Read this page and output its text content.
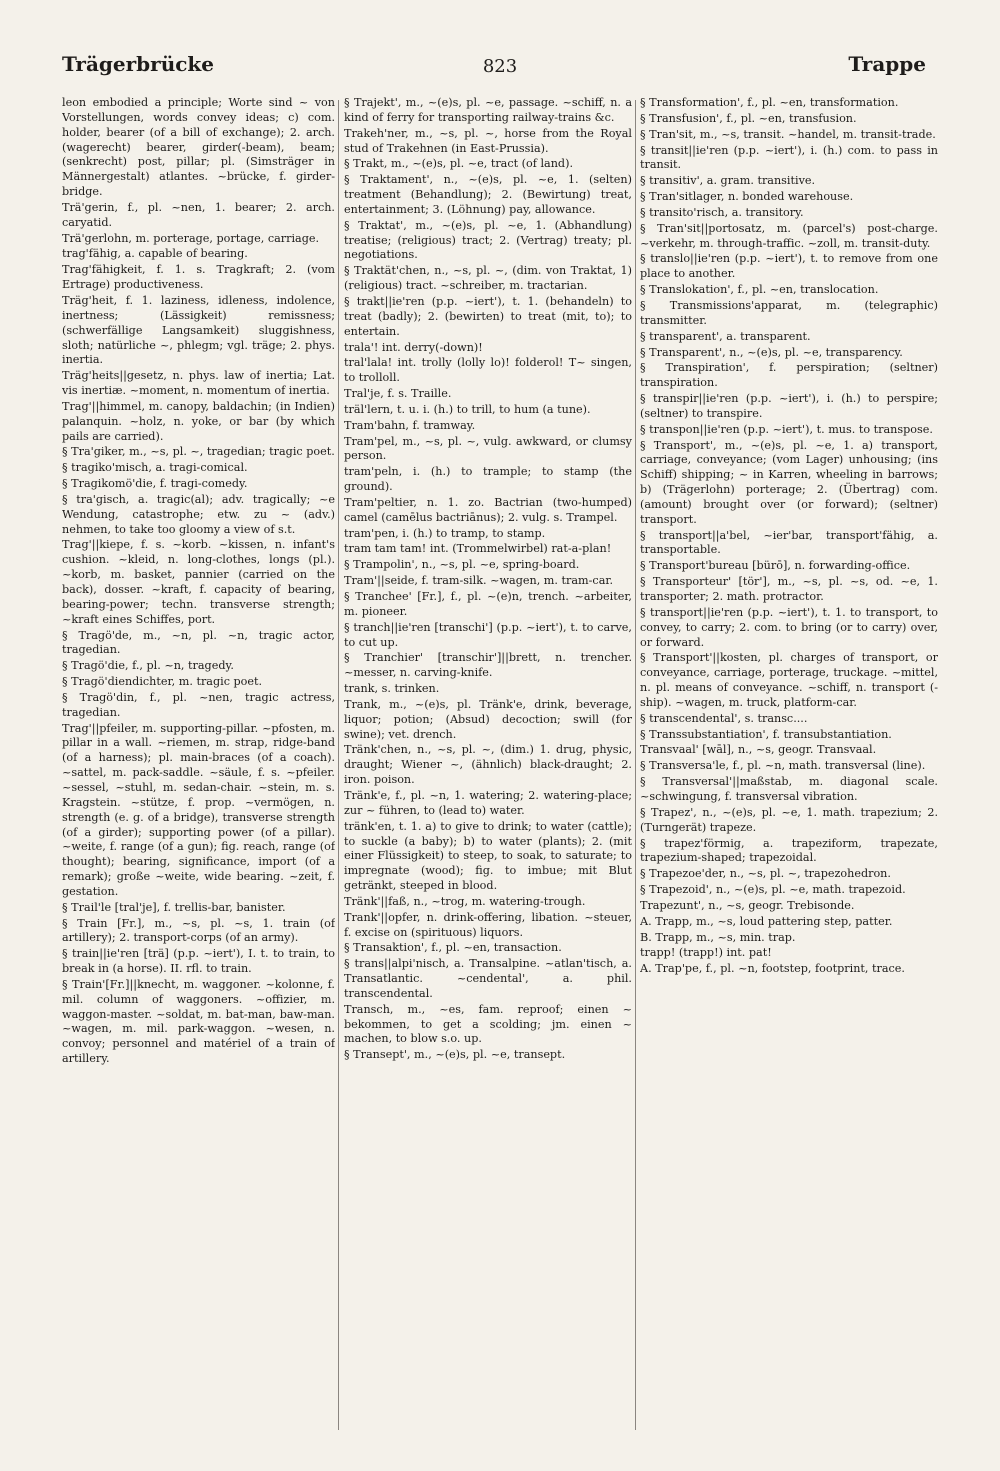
Trägerbrücke	823	Trappe

leon embodied a principle; Worte sind ~ von Vorstellungen, words convey ideas; c) com. holder, bearer (of a bill of exchange); 2. arch. (wagerecht) bearer, girder(-beam), beam; (senkrecht) post, pillar; pl. (Simsträger in Männergestalt) atlantes. ~brücke, f. girder-bridge.

Trä'gerin, f., pl. ~nen, 1. bearer; 2. arch. caryatid.

Trä'gerlohn, m. porterage, portage, carriage.

trag'fähig, a. capable of bearing.

Trag'fähigkeit, f. 1. s. Tragkraft; 2. (vom Ertrage) productiveness.

Träg'heit, f. 1. laziness, idleness, indolence, inertness; (Lässigkeit) remissness; (schwerfällige Langsamkeit) sluggishness, sloth; natürliche ~, phlegm; vgl. träge; 2. phys. inertia.

Träg'heits||gesetz, n. phys. law of inertia; Lat. vis inertiæ. ~moment, n. momentum of inertia.

Trag'||himmel, m. canopy, baldachin; (in Indien) palanquin. ~holz, n. yoke, or bar (by which pails are carried).

§ Tra'giker, m., ~s, pl. ~, tragedian; tragic poet.

§ tragiko'misch, a. tragi-comical.

§ Tragikomö'die, f. tragi-comedy.

§ tra'gisch, a. tragic(al); adv. tragically; ~e Wendung, catastrophe; etw. zu ~ (adv.) nehmen, to take too gloomy a view of s.t.

Trag'||kiepe, f. s. ~korb. ~kissen, n. infant's cushion. ~kleid, n. long-clothes, longs (pl.). ~korb, m. basket, pannier (carried on the back), dosser. ~kraft, f. capacity of bearing, bearing-power; techn. transverse strength; ~kraft eines Schiffes, port.

§ Tragö'de, m., ~n, pl. ~n, tragic actor, tragedian.

§ Tragö'die, f., pl. ~n, tragedy.

§ Tragö'diendichter, m. tragic poet.

§ Tragö'din, f., pl. ~nen, tragic actress, tragedian.

Trag'||pfeiler, m. supporting-pillar. ~pfosten, m. pillar in a wall. ~riemen, m. strap, ridge-band (of a harness); pl. main-braces (of a coach). ~sattel, m. pack-saddle. ~säule, f. s. ~pfeiler. ~sessel, ~stuhl, m. sedan-chair. ~stein, m. s. Kragstein. ~stütze, f. prop. ~vermögen, n. strength (e. g. of a bridge), transverse strength (of a girder); supporting power (of a pillar). ~weite, f. range (of a gun); fig. reach, range (of thought); bearing, significance, import (of a remark); große ~weite, wide bearing. ~zeit, f. gestation.

§ Trail'le [tral'je], f. trellis-bar, banister.

§ Train [Fr.], m., ~s, pl. ~s, 1. train (of artillery); 2. transport-corps (of an army).

§ train||ie'ren [trä] (p.p. ~iert'), I. t. to train, to break in (a horse). II. rfl. to train.

§ Train'[Fr.]||knecht, m. waggoner. ~kolonne, f. mil. column of waggoners. ~offizier, m. waggon-master. ~soldat, m. bat-man, baw-man. ~wagen, m. mil. park-waggon. ~wesen, n. convoy; personnel and matériel of a train of artillery.

§ Trajekt', m., ~(e)s, pl. ~e, passage. ~schiff, n. a kind of ferry for transporting railway-trains &c.

Trakeh'ner, m., ~s, pl. ~, horse from the Royal stud of Trakehnen (in East-Prussia).

§ Trakt, m., ~(e)s, pl. ~e, tract (of land).

§ Traktament', n., ~(e)s, pl. ~e, 1. (selten) treatment (Behandlung); 2. (Bewirtung) treat, entertainment; 3. (Löhnung) pay, allowance.

§ Traktat', m., ~(e)s, pl. ~e, 1. (Abhandlung) treatise; (religious) tract; 2. (Vertrag) treaty; pl. negotiations.

§ Traktät'chen, n., ~s, pl. ~, (dim. von Traktat, 1) (religious) tract. ~schreiber, m. tractarian.

§ trakt||ie'ren (p.p. ~iert'), t. 1. (behandeln) to treat (badly); 2. (bewirten) to treat (mit, to); to entertain.

trala'! int. derry(-down)!

tral'lala! int. trolly (lolly lo)! folderol! T~ singen, to trolloll.

Tral'je, f. s. Traille.

träl'lern, t. u. i. (h.) to trill, to hum (a tune).

Tram'bahn, f. tramway.

Tram'pel, m., ~s, pl. ~, vulg. awkward, or clumsy person.

tram'peln, i. (h.) to trample; to stamp (the ground).

Tram'peltier, n. 1. zo. Bactrian (two-humped) camel (camēlus bactriānus); 2. vulg. s. Trampel.

tram'pen, i. (h.) to tramp, to stamp.

tram tam tam! int. (Trommelwirbel) rat-a-plan!

§ Trampolin', n., ~s, pl. ~e, spring-board.

Tram'||seide, f. tram-silk. ~wagen, m. tram-car.

§ Tranchee' [Fr.], f., pl. ~(e)n, trench. ~arbeiter, m. pioneer.

§ tranch||ie'ren [transchi'] (p.p. ~iert'), t. to carve, to cut up.

§ Tranchier' [transchir']||brett, n. trencher. ~messer, n. carving-knife.

trank, s. trinken.

Trank, m., ~(e)s, pl. Tränk'e, drink, beverage, liquor; potion; (Absud) decoction; swill (for swine); vet. drench.

Tränk'chen, n., ~s, pl. ~, (dim.) 1. drug, physic, draught; Wiener ~, (ähnlich) black-draught; 2. iron. poison.

Tränk'e, f., pl. ~n, 1. watering; 2. watering-place; zur ~ führen, to (lead to) water.

tränk'en, t. 1. a) to give to drink; to water (cattle); to suckle (a baby); b) to water (plants); 2. (mit einer Flüssigkeit) to steep, to soak, to saturate; to impregnate (wood); fig. to imbue; mit Blut getränkt, steeped in blood.

Tränk'||faß, n., ~trog, m. watering-trough.

Trank'||opfer, n. drink-offering, libation. ~steuer, f. excise on (spirituous) liquors.

§ Transaktion', f., pl. ~en, transaction.

§ trans||alpi'nisch, a. Transalpine. ~atlan'tisch, a. Transatlantic. ~cendental', a. phil. transcendental.

Transch, m., ~es, fam. reproof; einen ~ bekommen, to get a scolding; jm. einen ~ machen, to blow s.o. up.

§ Transept', m., ~(e)s, pl. ~e, transept.

§ Transformation', f., pl. ~en, transformation.

§ Transfusion', f., pl. ~en, transfusion.

§ Tran'sit, m., ~s, transit. ~handel, m. transit-trade.

§ transit||ie'ren (p.p. ~iert'), i. (h.) com. to pass in transit.

§ transitiv', a. gram. transitive.

§ Tran'sitlager, n. bonded warehouse.

§ transito'risch, a. transitory.

§ Tran'sit||portosatz, m. (parcel's) post-charge. ~verkehr, m. through-traffic. ~zoll, m. transit-duty.

§ translo||ie'ren (p.p. ~iert'), t. to remove from one place to another.

§ Translokation', f., pl. ~en, translocation.

§ Transmissions'apparat, m. (telegraphic) transmitter.

§ transparent', a. transparent.

§ Transparent', n., ~(e)s, pl. ~e, transparency.

§ Transpiration', f. perspiration; (seltner) transpiration.

§ transpir||ie'ren (p.p. ~iert'), i. (h.) to perspire; (seltner) to transpire.

§ transpon||ie'ren (p.p. ~iert'), t. mus. to transpose.

§ Transport', m., ~(e)s, pl. ~e, 1. a) transport, carriage, conveyance; (vom Lager) unhousing; (ins Schiff) shipping; ~ in Karren, wheeling in barrows; b) (Trägerlohn) porterage; 2. (Übertrag) com. (amount) brought over (or forward); (seltner) transport.

§ transport||a'bel, ~ier'bar, transport'fähig, a. transportable.

§ Transport'bureau [bürō], n. forwarding-office.

§ Transporteur' [tör'], m., ~s, pl. ~s, od. ~e, 1. transporter; 2. math. protractor.

§ transport||ie'ren (p.p. ~iert'), t. 1. to transport, to convey, to carry; 2. com. to bring (or to carry) over, or forward.

§ Transport'||kosten, pl. charges of transport, or conveyance, carriage, porterage, truckage. ~mittel, n. pl. means of conveyance. ~schiff, n. transport (-ship). ~wagen, m. truck, platform-car.

§ transcendental', s. transc....

§ Transsubstantiation', f. transubstantiation.

Transvaal' [wāl], n., ~s, geogr. Transvaal.

§ Transversa'le, f., pl. ~n, math. transversal (line).

§ Transversal'||maßstab, m. diagonal scale. ~schwingung, f. transversal vibration.

§ Trapez', n., ~(e)s, pl. ~e, 1. math. trapezium; 2. (Turngerät) trapeze.

§ trapez'förmig, a. trapeziform, trapezate, trapezium-shaped; trapezoidal.

§ Trapezoe'der, n., ~s, pl. ~, trapezohedron.

§ Trapezoid', n., ~(e)s, pl. ~e, math. trapezoid.

Trapezunt', n., ~s, geogr. Trebisonde.

A. Trapp, m., ~s, loud pattering step, patter.

B. Trapp, m., ~s, min. trap.

trapp! (trapp!) int. pat!

A. Trap'pe, f., pl. ~n, footstep, footprint, trace.
